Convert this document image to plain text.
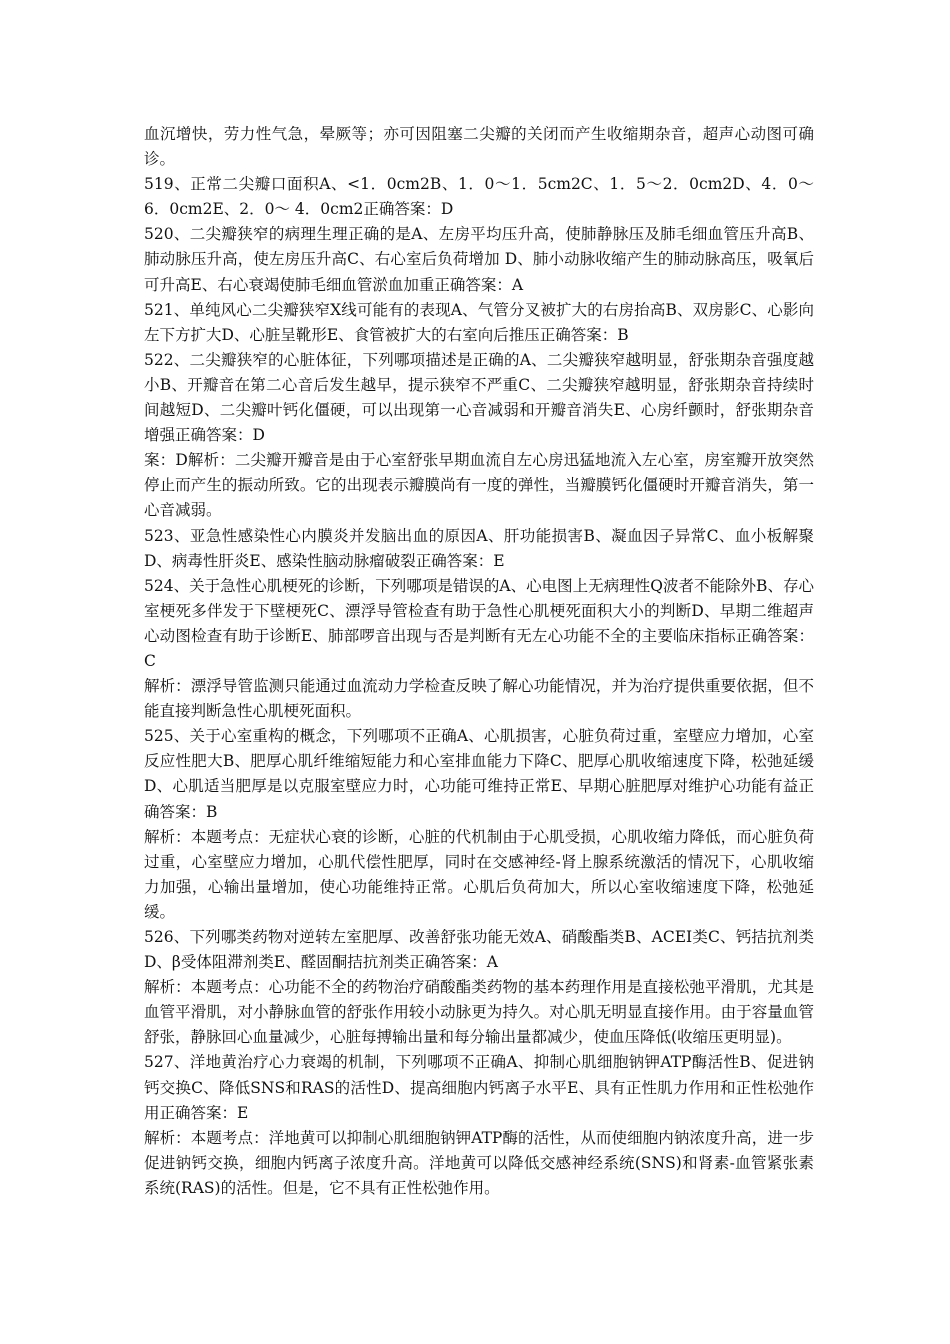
血沉增快，劳力性气急，晕厥等；亦可因阻塞二尖瓣的关闭而产生收缩期杂音，超声心动图可确诊。

519、正常二尖瓣口面积A、<1．0cm2B、1．0～1．5cm2C、1．5～2．0cm2D、4．0～6．0cm2E、2．0～ 4．0cm2正确答案：D

520、二尖瓣狭窄的病理生理正确的是A、左房平均压升高，使肺静脉压及肺毛细血管压升高B、肺动脉压升高，使左房压升高C、右心室后负荷增加 D、肺小动脉收缩产生的肺动脉高压，吸氧后可升高E、右心衰竭使肺毛细血管淤血加重正确答案：A

521、单纯风心二尖瓣狭窄X线可能有的表现A、气管分叉被扩大的右房抬高B、双房影C、心影向左下方扩大D、心脏呈靴形E、食管被扩大的右室向后推压正确答案：B

522、二尖瓣狭窄的心脏体征，下列哪项描述是正确的A、二尖瓣狭窄越明显，舒张期杂音强度越小B、开瓣音在第二心音后发生越早，提示狭窄不严重C、二尖瓣狭窄越明显，舒张期杂音持续时间越短D、二尖瓣叶钙化僵硬，可以出现第一心音减弱和开瓣音消失E、心房纤颤时，舒张期杂音增强正确答案：D

案：D解析：二尖瓣开瓣音是由于心室舒张早期血流自左心房迅猛地流入左心室，房室瓣开放突然停止而产生的振动所致。它的出现表示瓣膜尚有一度的弹性，当瓣膜钙化僵硬时开瓣音消失，第一心音减弱。

523、亚急性感染性心内膜炎并发脑出血的原因A、肝功能损害B、凝血因子异常C、血小板解聚D、病毒性肝炎E、感染性脑动脉瘤破裂正确答案：E

524、关于急性心肌梗死的诊断，下列哪项是错误的A、心电图上无病理性Q波者不能除外B、存心室梗死多伴发于下壁梗死C、漂浮导管检查有助于急性心肌梗死面积大小的判断D、早期二维超声心动图检查有助于诊断E、肺部啰音出现与否是判断有无左心功能不全的主要临床指标正确答案：C

解析：漂浮导管监测只能通过血流动力学检查反映了解心功能情况，并为治疗提供重要依据，但不能直接判断急性心肌梗死面积。

525、关于心室重构的概念，下列哪项不正确A、心肌损害，心脏负荷过重，室壁应力增加，心室反应性肥大B、肥厚心肌纤维缩短能力和心室排血能力下降C、肥厚心肌收缩速度下降，松弛延缓D、心肌适当肥厚是以克服室壁应力时，心功能可维持正常E、早期心脏肥厚对维护心功能有益正确答案：B

解析：本题考点：无症状心衰的诊断，心脏的代机制由于心肌受损，心肌收缩力降低，而心脏负荷过重，心室壁应力增加，心肌代偿性肥厚，同时在交感神经-肾上腺系统激活的情况下，心肌收缩力加强，心输出量增加，使心功能维持正常。心肌后负荷加大，所以心室收缩速度下降，松弛延缓。

526、下列哪类药物对逆转左室肥厚、改善舒张功能无效A、硝酸酯类B、ACEI类C、钙拮抗剂类D、β受体阻滞剂类E、醛固酮拮抗剂类正确答案：A

解析：本题考点：心功能不全的药物治疗硝酸酯类药物的基本药理作用是直接松弛平滑肌，尤其是血管平滑肌，对小静脉血管的舒张作用较小动脉更为持久。对心肌无明显直接作用。由于容量血管舒张，静脉回心血量减少，心脏每搏输出量和每分输出量都减少，使血压降低(收缩压更明显)。

527、洋地黄治疗心力衰竭的机制，下列哪项不正确A、抑制心肌细胞钠钾ATP酶活性B、促进钠钙交换C、降低SNS和RAS的活性D、提高细胞内钙离子水平E、具有正性肌力作用和正性松弛作用正确答案：E

解析：本题考点：洋地黄可以抑制心肌细胞钠钾ATP酶的活性，从而使细胞内钠浓度升高，进一步促进钠钙交换，细胞内钙离子浓度升高。洋地黄可以降低交感神经系统(SNS)和肾素-血管紧张素系统(RAS)的活性。但是，它不具有正性松弛作用。
